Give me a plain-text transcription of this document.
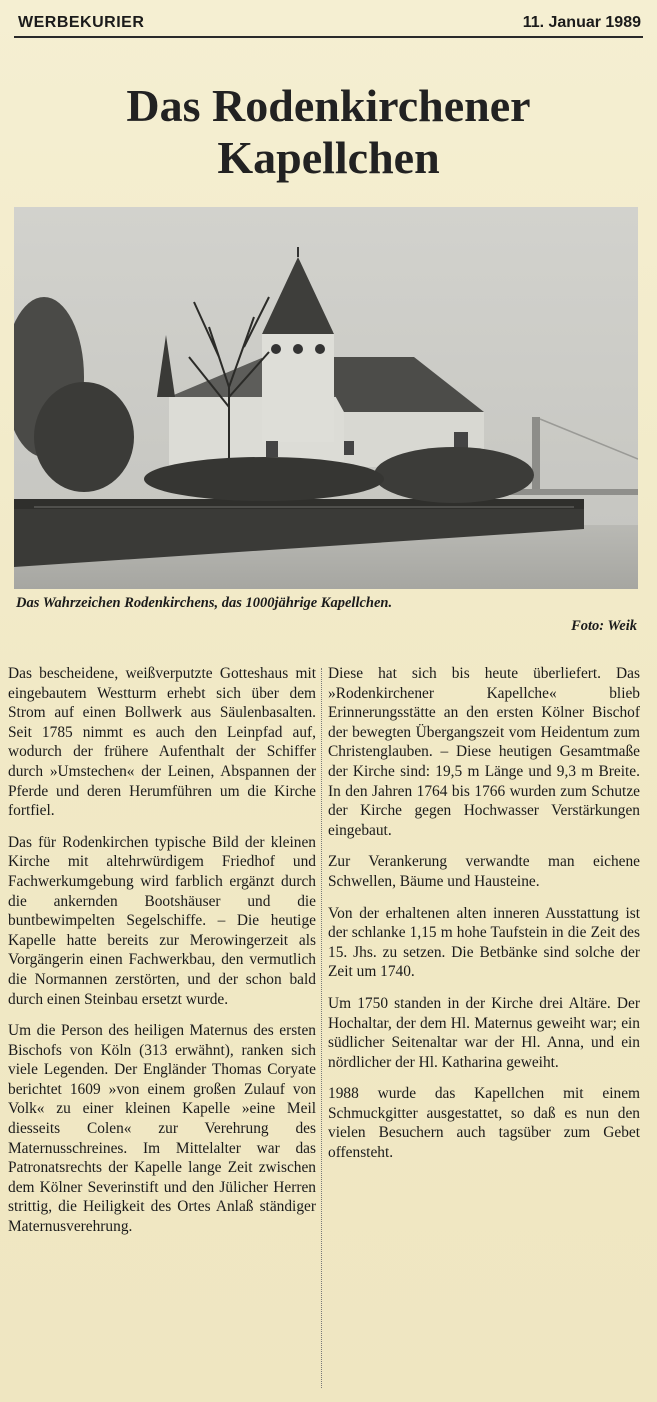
WERBEKURIER	11. Januar 1989
Das Rodenkirchener
Kapellchen
Das Wahrzeichen Rodenkirchens, das 1000jährige Kapellchen.
Foto: Weik

Das bescheidene, weißverputzte Gotteshaus mit eingebautem Westturm erhebt sich über dem Strom auf einen Bollwerk aus Säulenbasalten. Seit 1785 nimmt es auch den Leinpfad auf, wodurch der frühere Aufenthalt der Schiffer durch »Umstechen« der Leinen, Abspannen der Pferde und deren Herumführen um die Kirche fortfiel.

Das für Rodenkirchen typische Bild der kleinen Kirche mit altehrwürdigem Friedhof und Fachwerkumgebung wird farblich ergänzt durch die ankernden Bootshäuser und die buntbewimpelten Segelschiffe. – Die heutige Kapelle hatte bereits zur Merowingerzeit als Vorgängerin einen Fachwerkbau, den vermutlich die Normannen zerstörten, und der schon bald durch einen Steinbau ersetzt wurde.

Um die Person des heiligen Maternus des ersten Bischofs von Köln (313 erwähnt), ranken sich viele Legenden. Der Engländer Thomas Coryate berichtet 1609 »von einem großen Zulauf von Volk« zu einer kleinen Kapelle »eine Meil diesseits Colen« zur Verehrung des Maternusschreines. Im Mittelalter war das Patronatsrechts der Kapelle lange Zeit zwischen dem Kölner Severinstift und den Jülicher Herren strittig, die Heiligkeit des Ortes Anlaß ständiger Maternusverehrung.

Diese hat sich bis heute überliefert. Das »Rodenkirchener Kapellche« blieb Erinnerungsstätte an den ersten Kölner Bischof der bewegten Übergangszeit vom Heidentum zum Christenglauben. – Diese heutigen Gesamtmaße der Kirche sind: 19,5 m Länge und 9,3 m Breite. In den Jahren 1764 bis 1766 wurden zum Schutze der Kirche gegen Hochwasser Verstärkungen eingebaut.

Zur Verankerung verwandte man eichene Schwellen, Bäume und Hausteine.

Von der erhaltenen alten inneren Ausstattung ist der schlanke 1,15 m hohe Taufstein in die Zeit des 15. Jhs. zu setzen. Die Betbänke sind solche der Zeit um 1740.

Um 1750 standen in der Kirche drei Altäre. Der Hochaltar, der dem Hl. Maternus geweiht war; ein südlicher Seitenaltar war der Hl. Anna, und ein nördlicher der Hl. Katharina geweiht.

1988 wurde das Kapellchen mit einem Schmuckgitter ausgestattet, so daß es nun den vielen Besuchern auch tagsüber zum Gebet offensteht.
